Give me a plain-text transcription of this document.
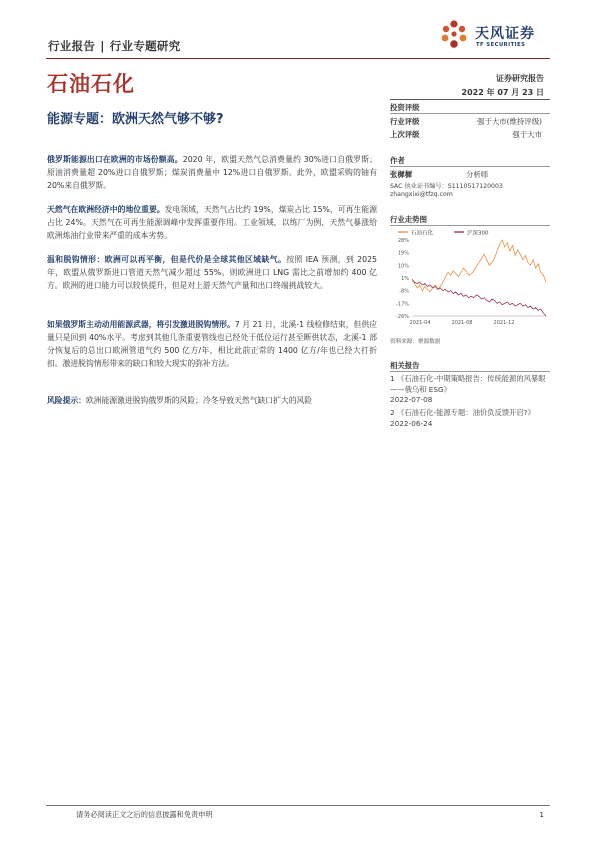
行业报告 | 行业专题研究
天风证券
TF SECURITIES
石油石化	证券研究报告
2022 年 07 月 23 日
能源专题：欧洲天然气够不够?
投资评级
行业评级	强于大市(维持评级)
上次评级	强于大市
作者
张樨樨	分析师
SAC 执业证书编号：S1110517120003
zhangxixi@tfzq.com
行业走势图
石油石化	沪深300
28%
19%
10%
1%
-8%
-17%
-26%
2021-04	2021-08	2021-12
资料来源：聚源数据
相关报告
1 《石油石化-中期策略报告：传统能源的风暴眼——俄乌和 ESG》
2022-07-08
2 《石油石化-能源专题：油价负反馈开启?》
2022-06-24
俄罗斯能源出口在欧洲的市场份额高。2020 年，欧盟天然气总消费量约 30%进口自俄罗斯；原油消费量超 20%进口自俄罗斯；煤炭消费量中 12%进口自俄罗斯。此外，欧盟采购的铀有 20%来自俄罗斯。
天然气在欧洲经济中的地位重要。发电领域，天然气占比约 19%，煤炭占比 15%，可再生能源占比 24%。天然气在可再生能源调峰中发挥重要作用。工业领域，以练厂为例，天然气暴涨给欧洲炼油行业带来严重的成本劣势。
温和脱钩情形：欧洲可以再平衡，但是代价是全球其他区域缺气。按照 IEA 预测，到 2025 年，欧盟从俄罗斯进口管道天然气减少超过 55%。则欧洲进口 LNG 需比之前增加约 400 亿方。欧洲的进口能力可以较快提升，但是对上游天然气产量和出口终端挑战较大。
如果俄罗斯主动动用能源武器，将引发激进脱钩情形。7 月 21 日，北溪-1 线检修结束，但供应量只是回到 40%水平。考虑到其他几条重要管线也已经处于低位运行甚至断供状态，北溪-1 部分恢复后的总出口欧洲管道气约 500 亿方/年，相比此前正常的 1400 亿方/年也已经大打折扣。激进脱钩情形带来的缺口和较大现实的弥补方法。
风险提示：欧洲能源激进脱钩俄罗斯的风险；冷冬导致天然气缺口扩大的风险
请务必阅读正文之后的信息披露和免责申明	1
